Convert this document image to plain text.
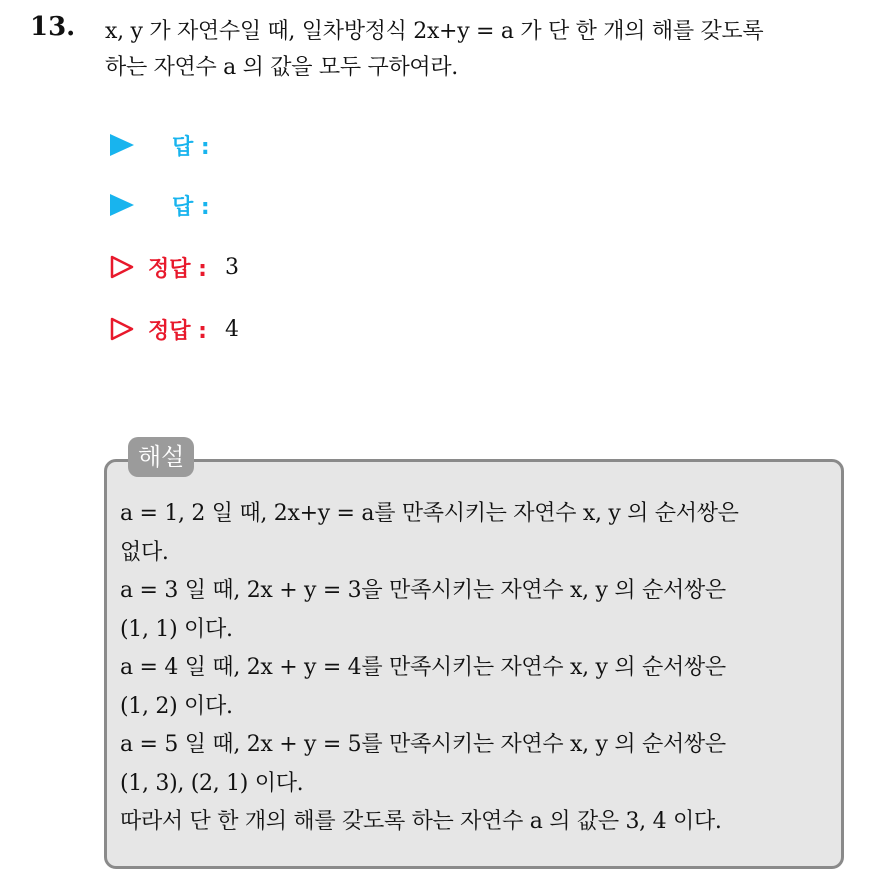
13. x, y 가 자연수일 때, 일차방정식 2x+y = a 가 단 한 개의 해를 갖도록
하는 자연수 a 의 값을 모두 구하여라.
답 :
답 :
정답 : 3
정답 : 4
해설
a = 1, 2 일 때, 2x+y = a를 만족시키는 자연수 x, y 의 순서쌍은
없다.
a = 3 일 때, 2x + y = 3을 만족시키는 자연수 x, y 의 순서쌍은
(1, 1) 이다.
a = 4 일 때, 2x + y = 4를 만족시키는 자연수 x, y 의 순서쌍은
(1, 2) 이다.
a = 5 일 때, 2x + y = 5를 만족시키는 자연수 x, y 의 순서쌍은
(1, 3), (2, 1) 이다.
따라서 단 한 개의 해를 갖도록 하는 자연수 a 의 값은 3, 4 이다.
